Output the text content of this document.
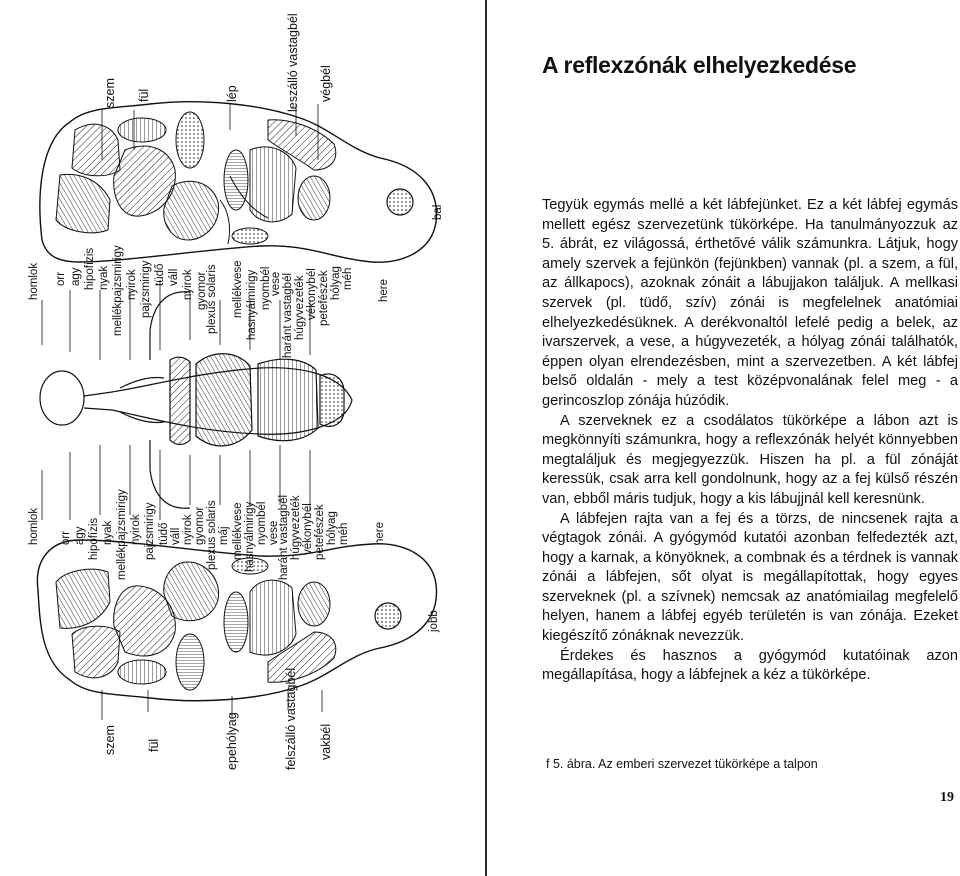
szem fül	lép	leszálló vastagbél végbél
bal
homlok orr agy hipofízis nyak mellékpajzsmirigy nyirok pajzsmirigy tüdő váll nyirok gyomor
plexus solaris mellékvese hasnyálmirigy nyombél
vese haránt vastagbél húgyvezeték vékonybél petefészek hólyag méh
here
homlok orr agy hipofízis nyak mellékpajzsmirigy nyirok pajzsmirigy tüdő váll nyirok gyomor plexus solaris máj mellékvese hasnyálmirigy nyombél vese
haránt vastagbél húgyvezeték vékonybél petefészek hólyag méh here
jobb
szem fül	epehólyag	felszálló vastagbél vakbél
A reflexzónák elhelyezkedése

Tegyük egymás mellé a két lábfejünket. Ez a két lábfej egymás mellett egész szervezetünk tükörképe. Ha tanulmányozzuk az 5. ábrát, ez világossá, érthetővé válik számunkra. Látjuk, hogy amely szervek a fejünkön (fejünkben) vannak (pl. a szem, a fül, az állkapocs), azoknak zónáit a lábujjakon találjuk. A mellkasi szervek (pl. tüdő, szív) zónái is megfelelnek anatómiai elhelyezkedésüknek. A derékvonaltól lefelé pedig a belek, az ivarszervek, a vese, a húgyvezeték, a hólyag zónái találhatók, éppen olyan elrendezésben, mint a szervezetben. A két lábfej belső oldalán - mely a test középvonalának felel meg - a gerincoszlop zónája húzódik.

A szerveknek ez a csodálatos tükörképe a lábon azt is megkönnyíti számunkra, hogy a reflexzónák helyét könnyebben megtaláljuk és megjegyezzük. Hiszen ha pl. a fül zónáját keressük, csak arra kell gondolnunk, hogy az a fej külső részén van, ebből máris tudjuk, hogy a kis lábujjnál kell keresnünk.

A lábfejen rajta van a fej és a törzs, de nincsenek rajta a végtagok zónái. A gyógymód kutatói azonban felfedezték azt, hogy a karnak, a könyöknek, a combnak és a térdnek is vannak zónái a lábfejen, sőt olyat is megállapítottak, hogy egyes szerveknek (pl. a szívnek) nemcsak az anatómiailag megfelelő helyen, hanem a lábfej egyéb területén is van zónája. Ezeket kiegészítő zónáknak nevezzük.

Érdekes és hasznos a gyógymód kutatóinak azon megállapítása, hogy a lábfejnek a kéz a tükörképe.

f 5. ábra. Az emberi szervezet tükörképe a talpon
19
